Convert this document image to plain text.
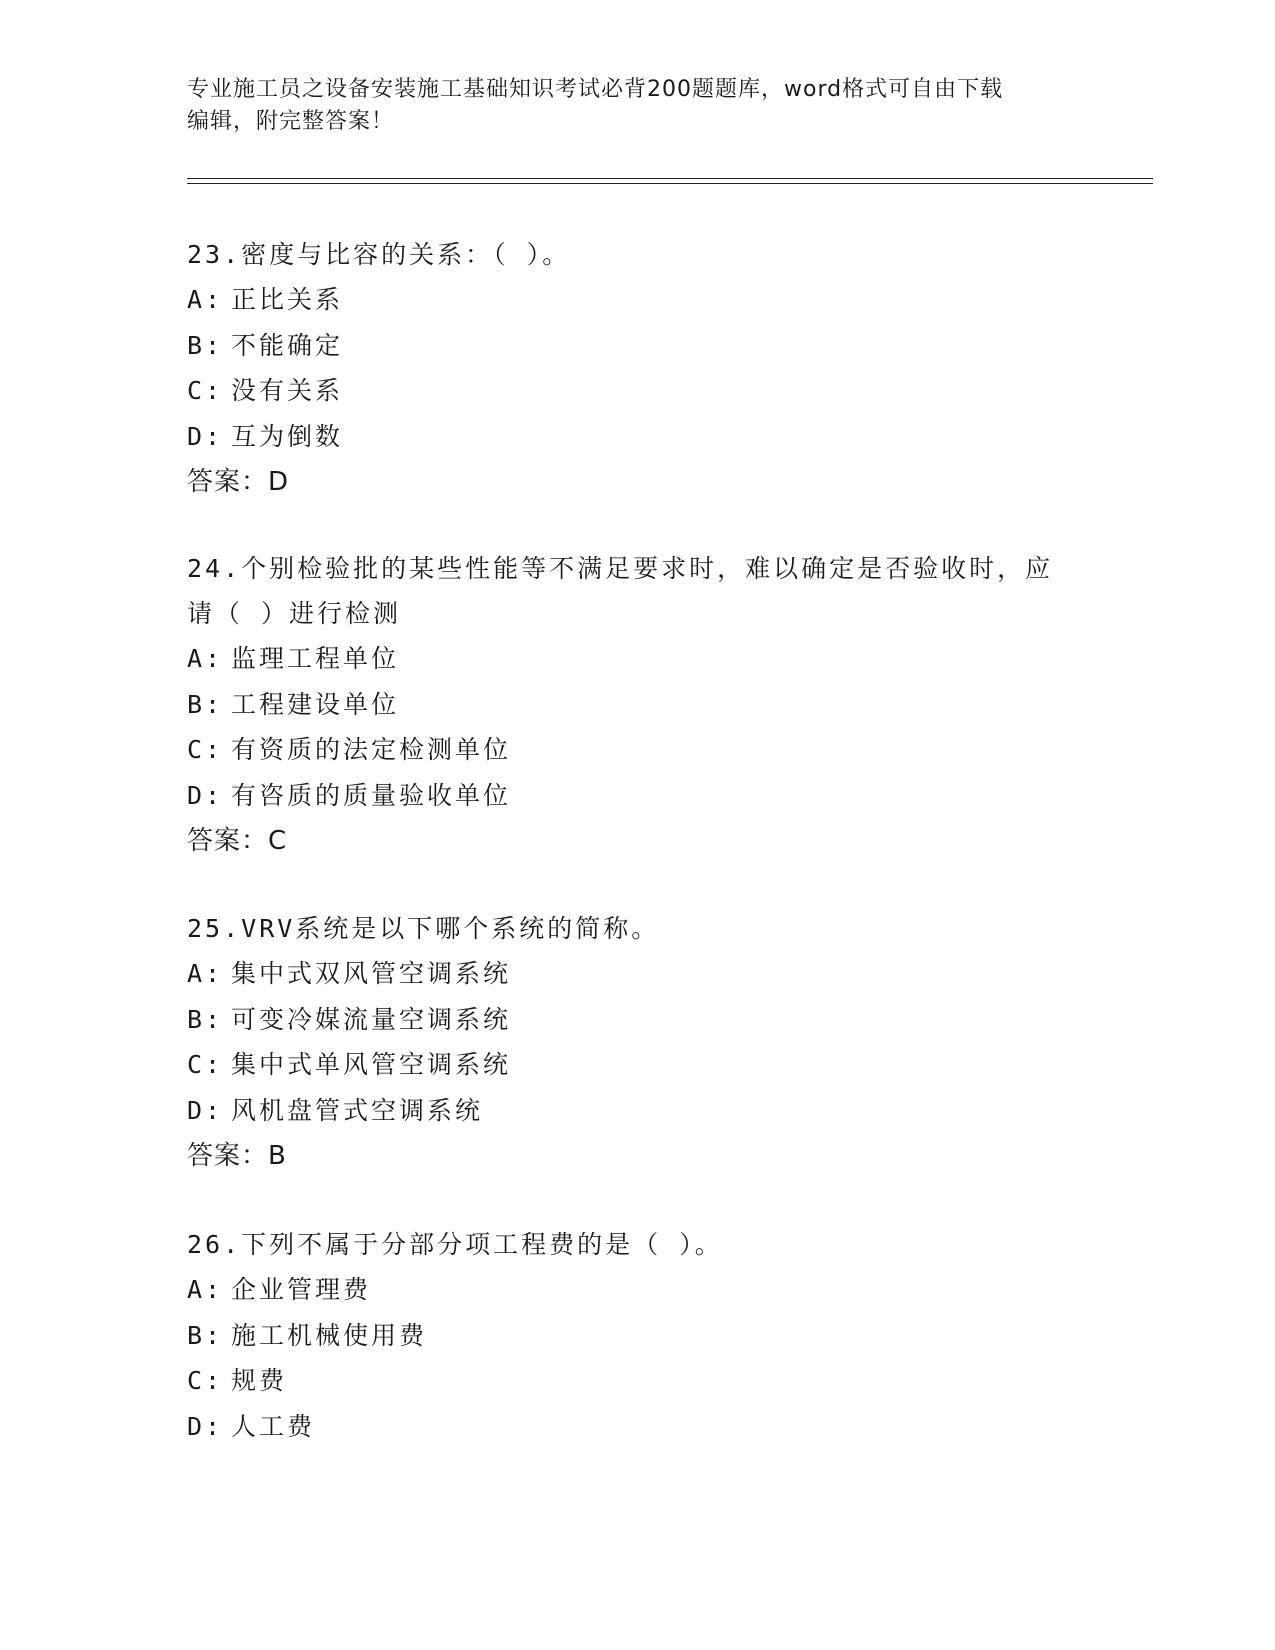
专业施工员之设备安装施工基础知识考试必背200题题库，word格式可自由下载
编辑，附完整答案！
23.密度与比容的关系：（ ）。
A: 正比关系
B: 不能确定
C: 没有关系
D: 互为倒数
答案：D
24.个别检验批的某些性能等不满足要求时，难以确定是否验收时，应请（ ）进行检测
A: 监理工程单位
B: 工程建设单位
C: 有资质的法定检测单位
D: 有咨质的质量验收单位
答案：C
25.VRV系统是以下哪个系统的简称。
A: 集中式双风管空调系统
B: 可变冷媒流量空调系统
C: 集中式单风管空调系统
D: 风机盘管式空调系统
答案：B
26.下列不属于分部分项工程费的是（ ）。
A: 企业管理费
B: 施工机械使用费
C: 规费
D: 人工费
